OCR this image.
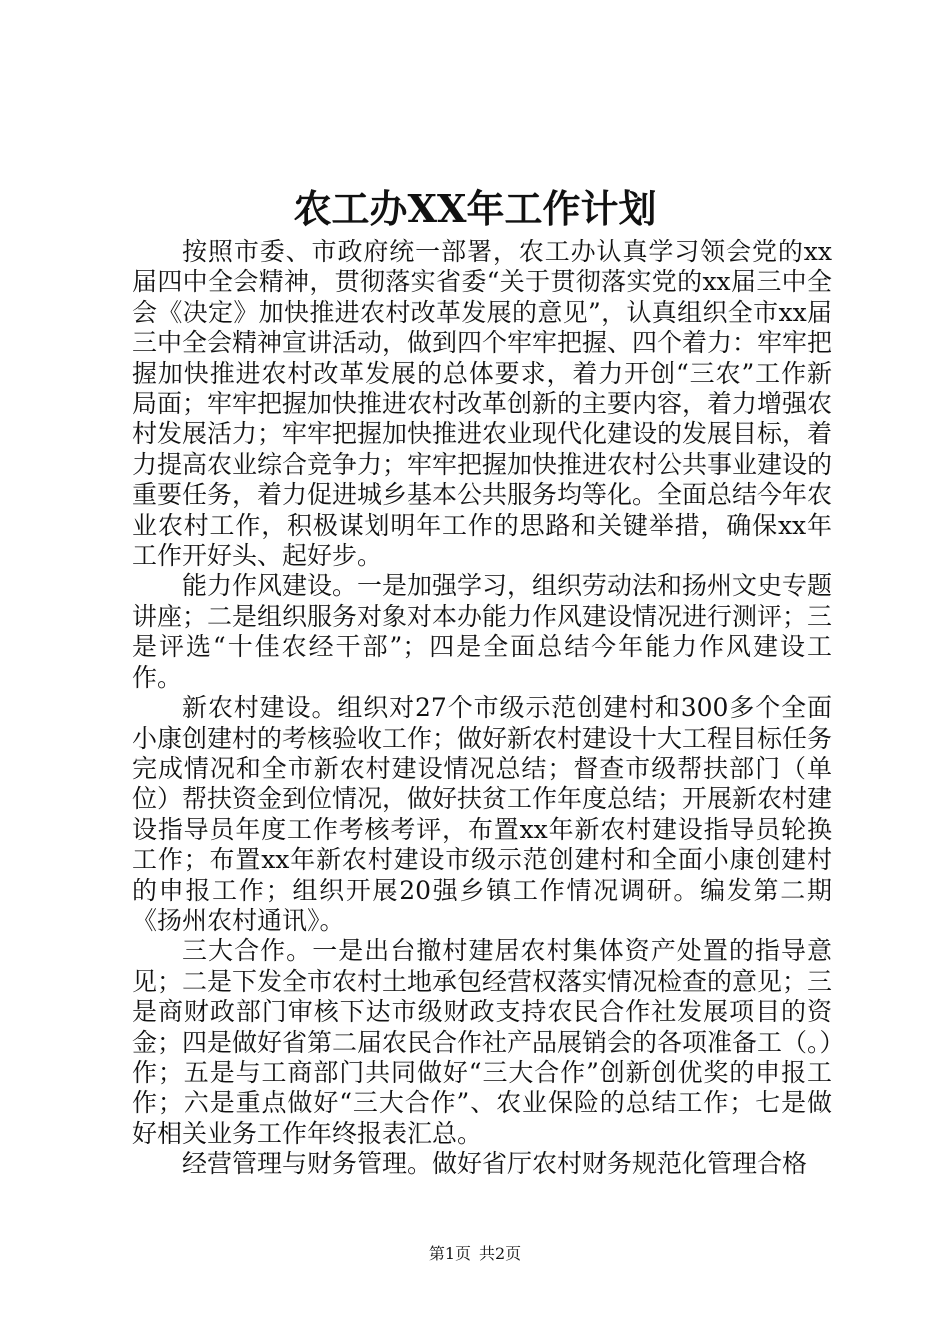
农工办XX年工作计划

按照市委、市政府统一部署，农工办认真学习领会党的xx届四中全会精神，贯彻落实省委“关于贯彻落实党的xx届三中全会《决定》加快推进农村改革发展的意见”，认真组织全市xx届三中全会精神宣讲活动，做到四个牢牢把握、四个着力：牢牢把握加快推进农村改革发展的总体要求，着力开创“三农”工作新局面；牢牢把握加快推进农村改革创新的主要内容，着力增强农村发展活力；牢牢把握加快推进农业现代化建设的发展目标，着力提高农业综合竞争力；牢牢把握加快推进农村公共事业建设的重要任务，着力促进城乡基本公共服务均等化。全面总结今年农业农村工作，积极谋划明年工作的思路和关键举措，确保xx年工作开好头、起好步。

能力作风建设。一是加强学习，组织劳动法和扬州文史专题讲座；二是组织服务对象对本办能力作风建设情况进行测评；三是评选“十佳农经干部”；四是全面总结今年能力作风建设工作。

新农村建设。组织对27个市级示范创建村和300多个全面小康创建村的考核验收工作；做好新农村建设十大工程目标任务完成情况和全市新农村建设情况总结；督查市级帮扶部门（单位）帮扶资金到位情况，做好扶贫工作年度总结；开展新农村建设指导员年度工作考核考评，布置xx年新农村建设指导员轮换工作；布置xx年新农村建设市级示范创建村和全面小康创建村的申报工作；组织开展20强乡镇工作情况调研。编发第二期《扬州农村通讯》。

三大合作。一是出台撤村建居农村集体资产处置的指导意见；二是下发全市农村土地承包经营权落实情况检查的意见；三是商财政部门审核下达市级财政支持农民合作社发展项目的资金；四是做好省第二届农民合作社产品展销会的各项准备工（。）作；五是与工商部门共同做好“三大合作”创新创优奖的申报工作；六是重点做好“三大合作”、农业保险的总结工作；七是做好相关业务工作年终报表汇总。

经营管理与财务管理。做好省厅农村财务规范化管理合格

第1页 共2页
